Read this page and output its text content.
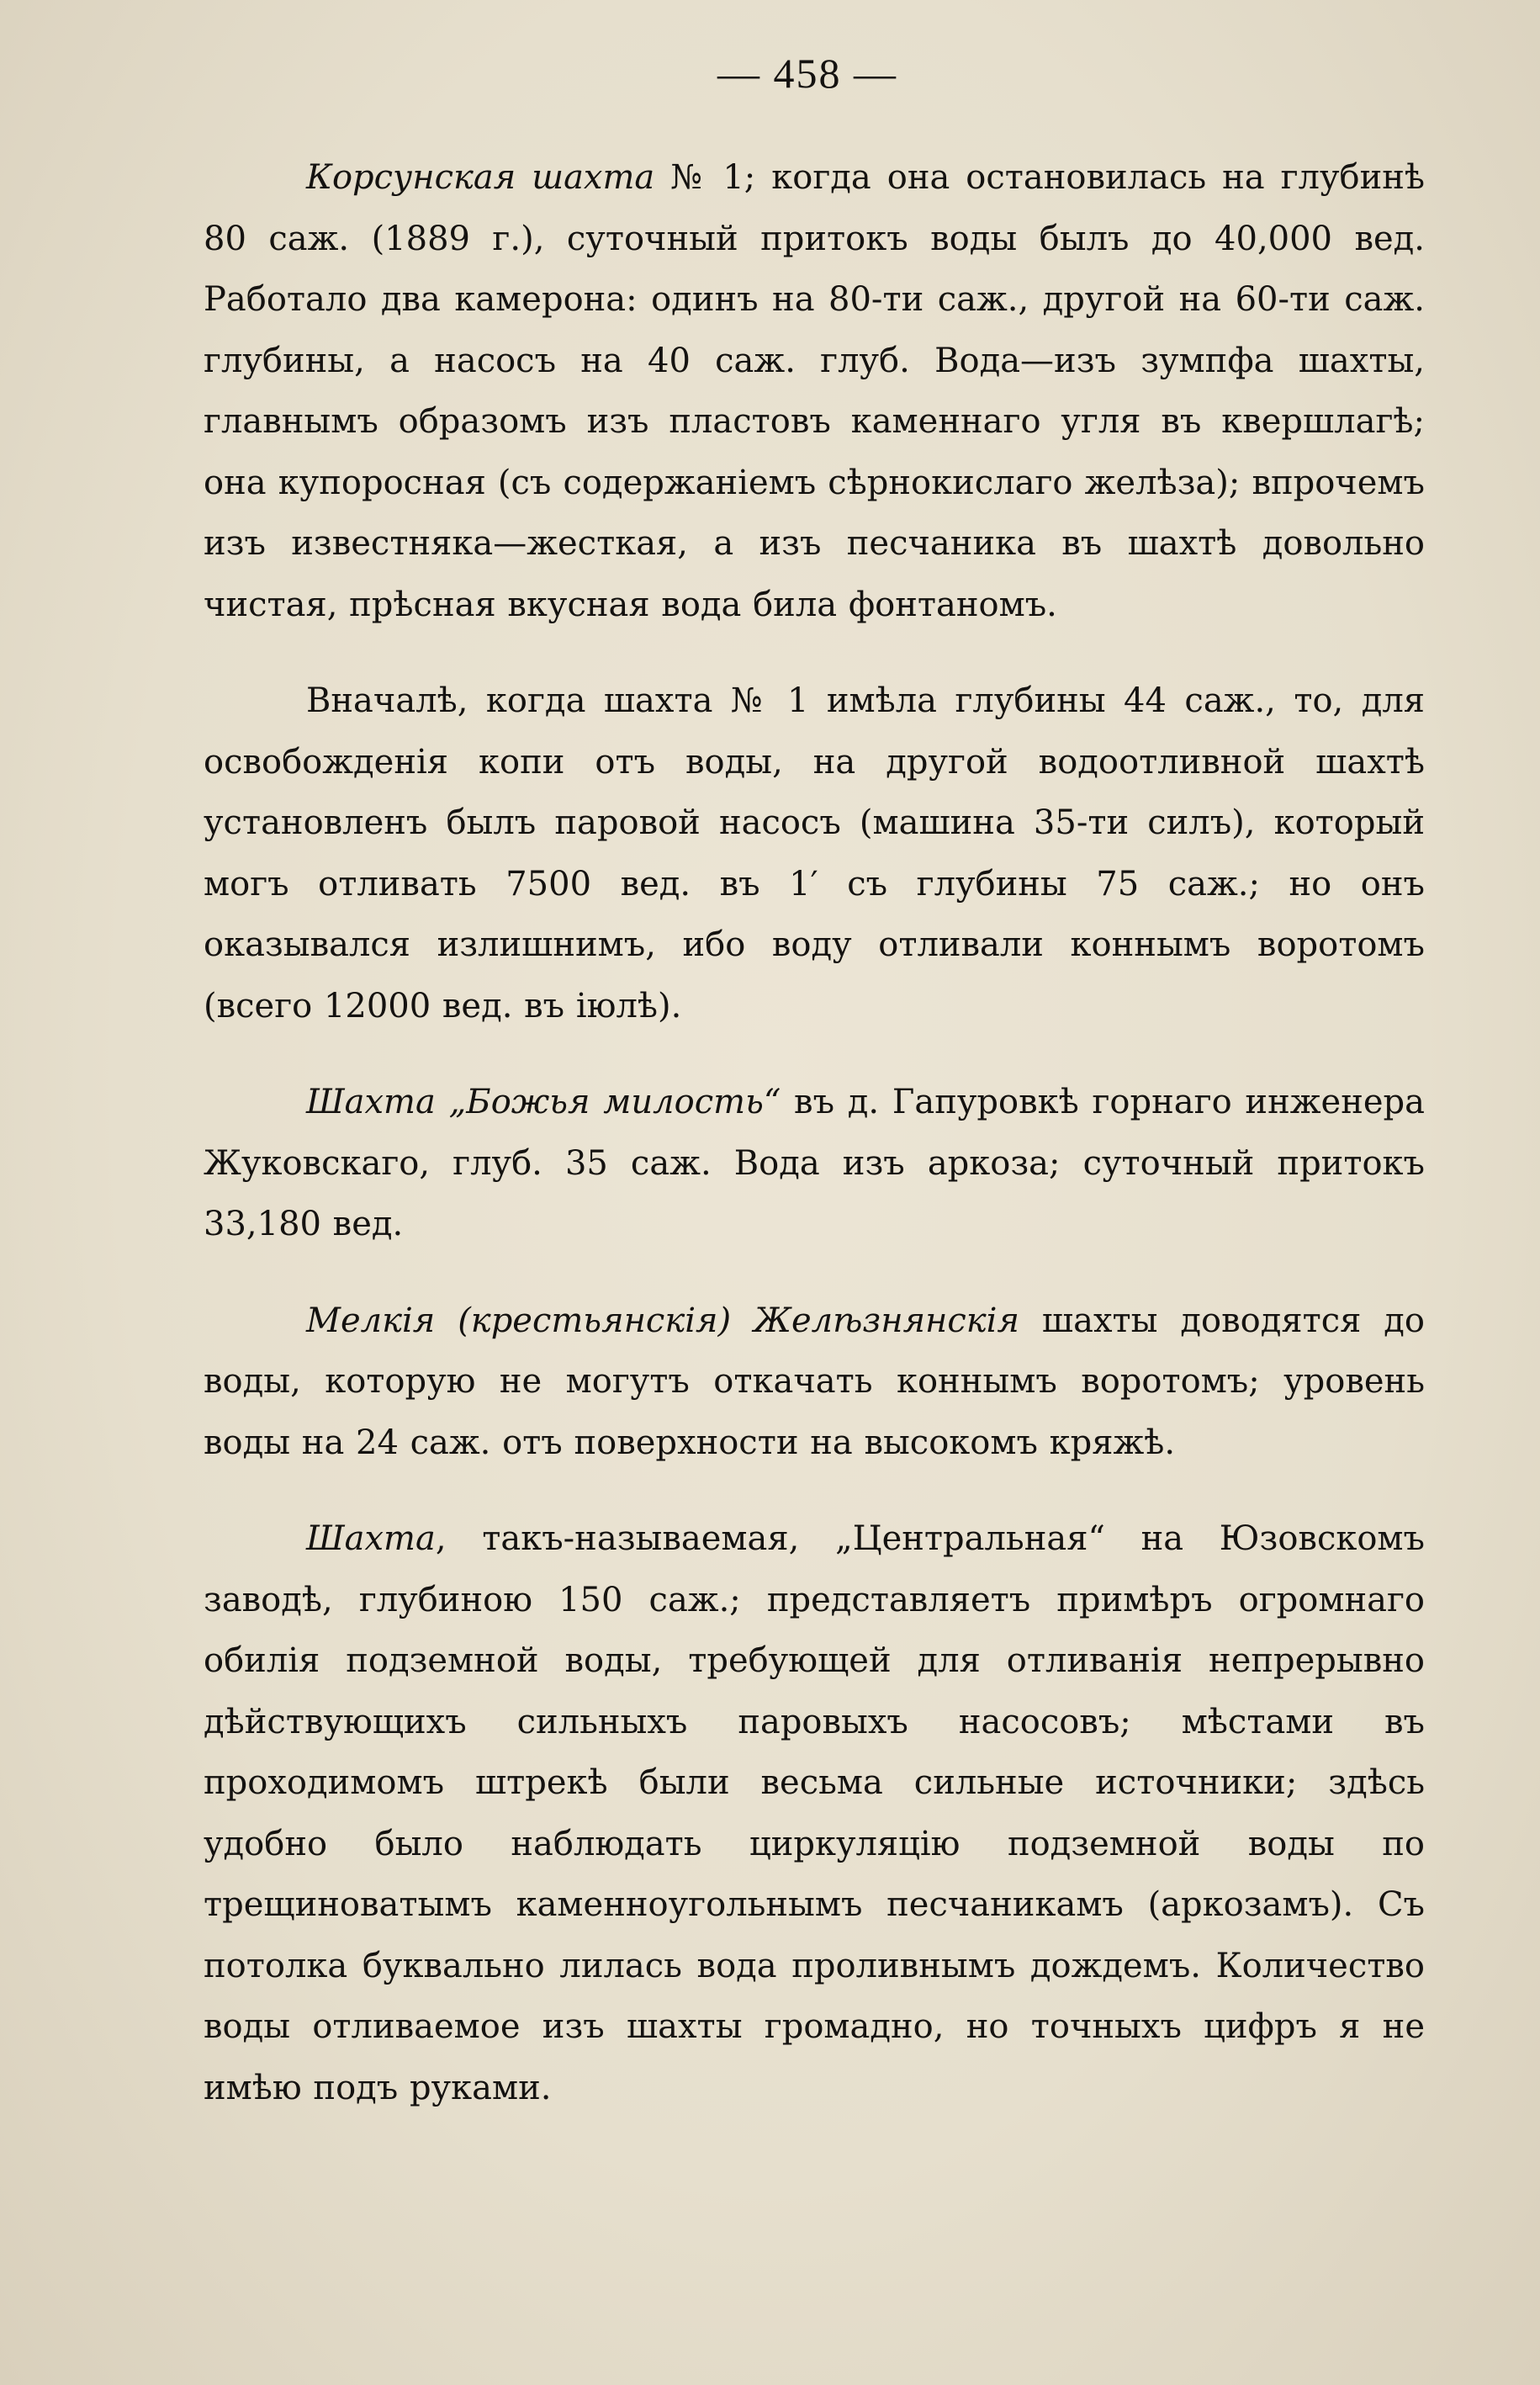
— 458 —

Корсунская шахта № 1; когда она остановилась на глубинѣ 80 саж. (1889 г.), суточный притокъ воды былъ до 40,000 вед. Работало два камерона: одинъ на 80-ти саж., другой на 60-ти саж. глубины, а насосъ на 40 саж. глуб. Вода—изъ зумпфа шахты, главнымъ образомъ изъ пластовъ каменнаго угля въ квершлагѣ; она купоросная (съ содержаніемъ сѣрнокислаго желѣза); впрочемъ изъ известняка—жесткая, а изъ песчаника въ шахтѣ довольно чистая, прѣсная вкусная вода била фонтаномъ.

Вначалѣ, когда шахта № 1 имѣла глубины 44 саж., то, для освобожденія копи отъ воды, на другой водоотливной шахтѣ установленъ былъ паровой насосъ (машина 35-ти силъ), который могъ отливать 7500 вед. въ 1′ съ глубины 75 саж.; но онъ оказывался излишнимъ, ибо воду отливали коннымъ воротомъ (всего 12000 вед. въ іюлѣ).

Шахта „Божья милость“ въ д. Гапуровкѣ горнаго инженера Жуковскаго, глуб. 35 саж. Вода изъ аркоза; суточный притокъ 33,180 вед.

Мелкія (крестьянскія) Желѣзнянскія шахты доводятся до воды, которую не могутъ откачать коннымъ воротомъ; уровень воды на 24 саж. отъ поверхности на высокомъ кряжѣ.

Шахта, такъ-называемая, „Центральная“ на Юзовскомъ заводѣ, глубиною 150 саж.; представляетъ примѣръ огромнаго обилія подземной воды, требующей для отливанія непрерывно дѣйствующихъ сильныхъ паровыхъ насосовъ; мѣстами въ проходимомъ штрекѣ были весьма сильные источники; здѣсь удобно было наблюдать циркуляцію подземной воды по трещиноватымъ каменноугольнымъ песчаникамъ (аркозамъ). Съ потолка буквально лилась вода проливнымъ дождемъ. Количество воды отливаемое изъ шахты громадно, но точныхъ цифръ я не имѣю подъ руками.
